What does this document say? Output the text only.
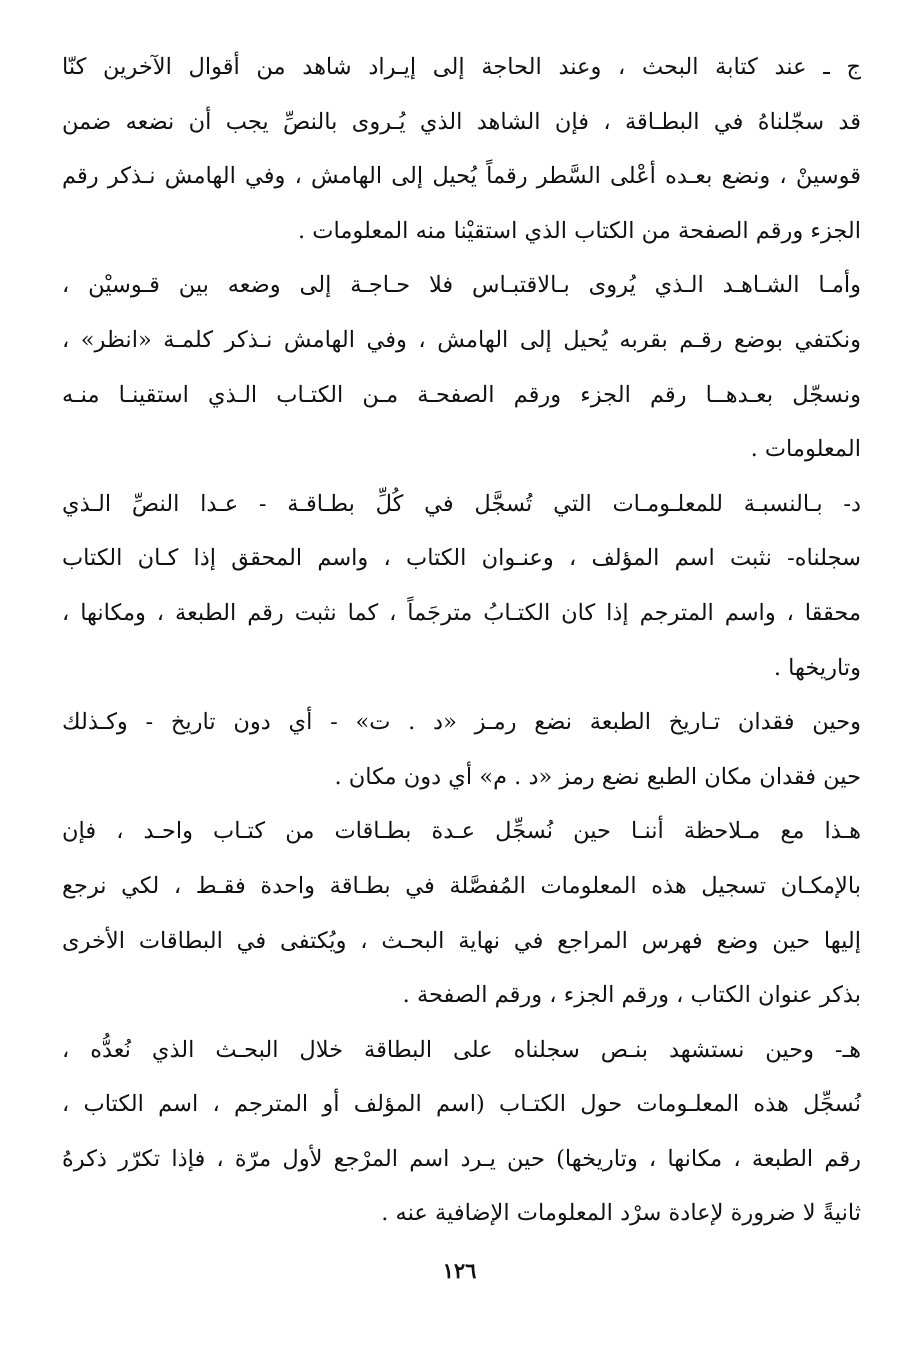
ج ـ عند كتابة البحث ، وعند الحاجة إلى إيـراد شاهد من أقوال الآخرين كنّا
قد سجّلناهُ في البطـاقة ، فإن الشاهد الذي يُـروى بالنصِّ يجب أن نضعه ضمن
قوسينْ ، ونضع بعـده أعْلى السَّطر رقماً يُحيل إلى الهامش ، وفي الهامش نـذكر رقم
الجزء ورقم الصفحة من الكتاب الذي استقيْنا منه المعلومات .
وأمـا الشـاهـد الـذي يُروى بـالاقتبـاس فلا حـاجـة إلى وضعه بين قـوسيْن ،
ونكتفي بوضع رقـم بقربه يُحيل إلى الهامش ، وفي الهامش نـذكر كلمـة «انظر» ،
ونسجّل بعـدهــا رقم الجزء ورقم الصفحـة مـن الكتـاب الـذي استقينـا منـه
المعلومات .
د- بـالنسبـة للمعلـومـات التي تُسجَّل في كُلِّ بطـاقـة - عـدا النصِّ الـذي
سجلناه- نثبت اسم المؤلف ، وعنـوان الكتاب ، واسم المحقق إذا كـان الكتاب
محققا ، واسم المترجم إذا كان الكتـابُ مترجَماً ، كما نثبت رقم الطبعة ، ومكانها ،
وتاريخها .
وحين فقدان تـاريخ الطبعة نضع رمـز «د . ت» - أي دون تاريخ - وكـذلك
حين فقدان مكان الطبع نضع رمز «د . م» أي دون مكان .
هـذا مع مـلاحظة أننـا حين نُسجِّل عـدة بطـاقات من كتـاب واحـد ، فإن
بالإمكـان تسجيل هذه المعلومات المُفصَّلة في بطـاقة واحدة فقـط ، لكي نرجع
إليها حين وضع فهرس المراجع في نهاية البحـث ، ويُكتفى في البطاقات الأخرى
بذكر عنوان الكتاب ، ورقم الجزء ، ورقم الصفحة .
هـ- وحين نستشهد بنـص سجلناه على البطاقة خلال البحـث الذي نُعدُّه ،
نُسجِّل هذه المعلـومات حول الكتـاب (اسم المؤلف أو المترجم ، اسم الكتاب ،
رقم الطبعة ، مكانها ، وتاريخها) حين يـرد اسم المرْجع لأول مرّة ، فإذا تكرّر ذكرهُ
ثانيةً لا ضرورة لإعادة سرْد المعلومات الإضافية عنه .
١٢٦
